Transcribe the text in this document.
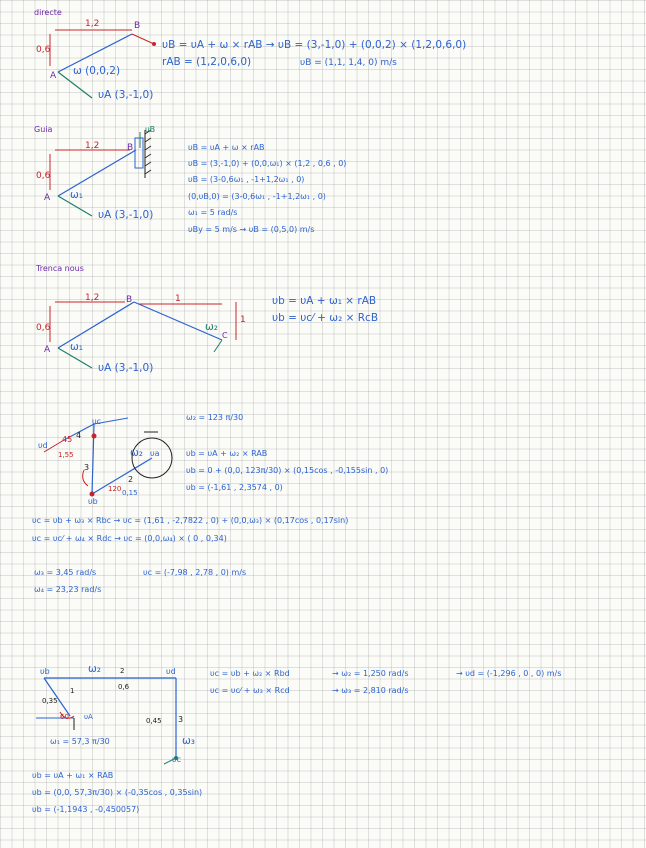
directe
1,2
0,6
A
B
ω (0,0,2)
υA (3,-1,0)
υB = υA + ω × rAB → υB = (3,-1,0) + (0,0,2) × (1,2,0,6,0)
rAB = (1,2,0,6,0)	υB = (1,1, 1,4, 0) m/s
Guia
1,2
0,6
A
B
υB
ω₁
υA (3,-1,0)
υB = υA + ω × rAB
υB = (3,-1,0) + (0,0,ω₁) × (1,2 , 0,6 , 0)
υB = (3-0,6ω₁ , -1+1,2ω₁ , 0)
(0,υB,0) = (3-0,6ω₁ , -1+1,2ω₁ , 0)
ω₁ = 5 rad/s
υBy = 5 m/s → υB = (0,5,0) m/s
Trenca nous
1,2	1
0,6
1
A
B
C
ω₁
ω₂
υA (3,-1,0)
υb = υA + ω₁ × rAB
υb = υc⁄ + ω₂ × RcB
υc
υd
45 4
1,55
3
2
120 0,15
ω₂ υa
υb
ω₂ = 123 π/30
υb = υA + ω₂ × RAB
υb = 0 + (0,0, 123π/30) × (0,15cos , -0,155sin , 0)
υb = (-1,61 , 2,3574 , 0)
υc = υb + ω₃ × Rbc → υc = (1,61 , -2,7822 , 0) + (0,0,ω₃) × (0,17cos , 0,17sin)
υc = υc⁄ + ω₄ × Rdc → υc = (0,0,ω₄) × ( 0 , 0,34)
ω₃ = 3,45 rad/s
ω₄ = 23,23 rad/s
υc = (-7,98 , 2,78 , 0) m/s
υb	ω₂	2	υd
0,6
1
0,35
60 υA	0,45 3
ω₃
υc
ω₁ = 57,3 π/30
υc = υb + ω₂ × Rbd
υc = υc⁄ + ω₃ × Rcd
→ ω₂ = 1,250 rad/s
→ ω₃ = 2,810 rad/s
→ υd = (-1,296 , 0 , 0) m/s
υb = υA + ω₁ × RAB
υb = (0,0, 57,3π/30) × (-0,35cos , 0,35sin)
υb = (-1,1943 , -0,450057)
